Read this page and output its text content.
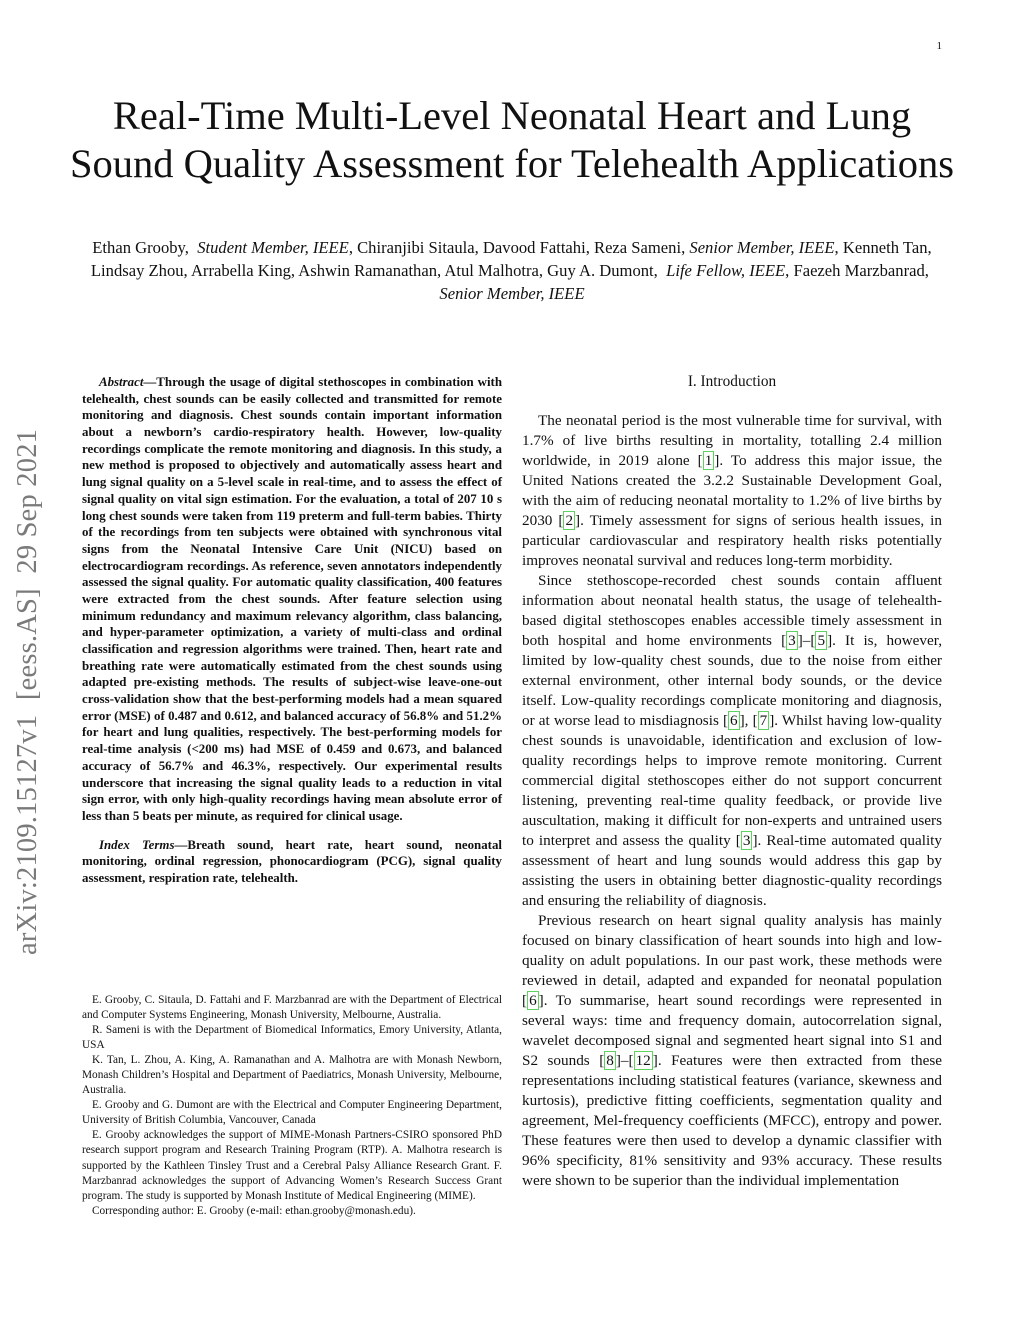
1
Real-Time Multi-Level Neonatal Heart and Lung Sound Quality Assessment for Telehealth Applications
Ethan Grooby, Student Member, IEEE, Chiranjibi Sitaula, Davood Fattahi, Reza Sameni, Senior Member, IEEE, Kenneth Tan, Lindsay Zhou, Arrabella King, Ashwin Ramanathan, Atul Malhotra, Guy A. Dumont, Life Fellow, IEEE, Faezeh Marzbanrad,  Senior Member, IEEE
arXiv:2109.15127v1  [eess.AS]  29 Sep 2021

Abstract—Through the usage of digital stethoscopes in combination with telehealth, chest sounds can be easily collected and transmitted for remote monitoring and diagnosis. Chest sounds contain important information about a newborn’s cardio-respiratory health. However, low-quality recordings complicate the remote monitoring and diagnosis. In this study, a new method is proposed to objectively and automatically assess heart and lung signal quality on a 5-level scale in real-time, and to assess the effect of signal quality on vital sign estimation. For the evaluation, a total of 207 10 s long chest sounds were taken from 119 preterm and full-term babies. Thirty of the recordings from ten subjects were obtained with synchronous vital signs from the Neonatal Intensive Care Unit (NICU) based on electrocardiogram recordings. As reference, seven annotators independently assessed the signal quality. For automatic quality classification, 400 features were extracted from the chest sounds. After feature selection using minimum redundancy and maximum relevancy algorithm, class balancing, and hyper-parameter optimization, a variety of multi-class and ordinal classification and regression algorithms were trained. Then, heart rate and breathing rate were automatically estimated from the chest sounds using adapted pre-existing methods. The results of subject-wise leave-one-out cross-validation show that the best-performing models had a mean squared error (MSE) of 0.487 and 0.612, and balanced accuracy of 56.8% and 51.2% for heart and lung qualities, respectively. The best-performing models for real-time analysis (<200 ms) had MSE of 0.459 and 0.673, and balanced accuracy of 56.7% and 46.3%, respectively. Our experimental results underscore that increasing the signal quality leads to a reduction in vital sign error, with only high-quality recordings having mean absolute error of less than 5 beats per minute, as required for clinical usage.

Index Terms—Breath sound, heart rate, heart sound, neonatal monitoring, ordinal regression, phonocardiogram (PCG), signal quality assessment, respiration rate, telehealth.

E. Grooby, C. Sitaula, D. Fattahi and F. Marzbanrad are with the Department of Electrical and Computer Systems Engineering, Monash University, Melbourne, Australia.

R. Sameni is with the Department of Biomedical Informatics, Emory University, Atlanta, USA

K. Tan, L. Zhou, A. King, A. Ramanathan and A. Malhotra are with Monash Newborn, Monash Children’s Hospital and Department of Paediatrics, Monash University, Melbourne, Australia.

E. Grooby and G. Dumont are with the Electrical and Computer Engineering Department, University of British Columbia, Vancouver, Canada

E. Grooby acknowledges the support of MIME-Monash Partners-CSIRO sponsored PhD research support program and Research Training Program (RTP). A. Malhotra research is supported by the Kathleen Tinsley Trust and a Cerebral Palsy Alliance Research Grant. F. Marzbanrad acknowledges the support of Advancing Women’s Research Success Grant program. The study is supported by Monash Institute of Medical Engineering (MIME).

Corresponding author: E. Grooby (e-mail: ethan.grooby@monash.edu).

I. Introduction

The neonatal period is the most vulnerable time for survival, with 1.7% of live births resulting in mortality, totalling 2.4 million worldwide, in 2019 alone [ 1 ]. To address this major issue, the United Nations created the 3.2.2 Sustainable Development Goal, with the aim of reducing neonatal mortality to 1.2% of live births by 2030 [ 2 ]. Timely assessment for signs of serious health issues, in particular cardiovascular and respiratory health risks potentially improves neonatal survival and reduces long-term morbidity.

Since stethoscope-recorded chest sounds contain affluent information about neonatal health status, the usage of telehealth-based digital stethoscopes enables accessible timely assessment in both hospital and home environments [ 3 ]–[ 5 ]. It is, however, limited by low-quality chest sounds, due to the noise from either external environment, other internal body sounds, or the device itself. Low-quality recordings complicate monitoring and diagnosis, or at worse lead to misdiagnosis [ 6 ], [ 7 ]. Whilst having low-quality chest sounds is unavoidable, identification and exclusion of low-quality recordings helps to improve remote monitoring. Current commercial digital stethoscopes either do not support concurrent listening, preventing real-time quality feedback, or provide live auscultation, making it difficult for non-experts and untrained users to interpret and assess the quality [ 3 ]. Real-time automated quality assessment of heart and lung sounds would address this gap by assisting the users in obtaining better diagnostic-quality recordings and ensuring the reliability of diagnosis.

Previous research on heart signal quality analysis has mainly focused on binary classification of heart sounds into high and low-quality on adult populations. In our past work, these methods were reviewed in detail, adapted and expanded for neonatal population [ 6 ]. To summarise, heart sound recordings were represented in several ways: time and frequency domain, autocorrelation signal, wavelet decomposed signal and segmented heart signal into S1 and S2 sounds [ 8 ]–[ 12 ]. Features were then extracted from these representations including statistical features (variance, skewness and kurtosis), predictive fitting coefficients, segmentation quality and agreement, Mel-frequency coefficients (MFCC), entropy and power. These features were then used to develop a dynamic classifier with 96% specificity, 81% sensitivity and 93% accuracy. These results were shown to be superior than the individual implementation
